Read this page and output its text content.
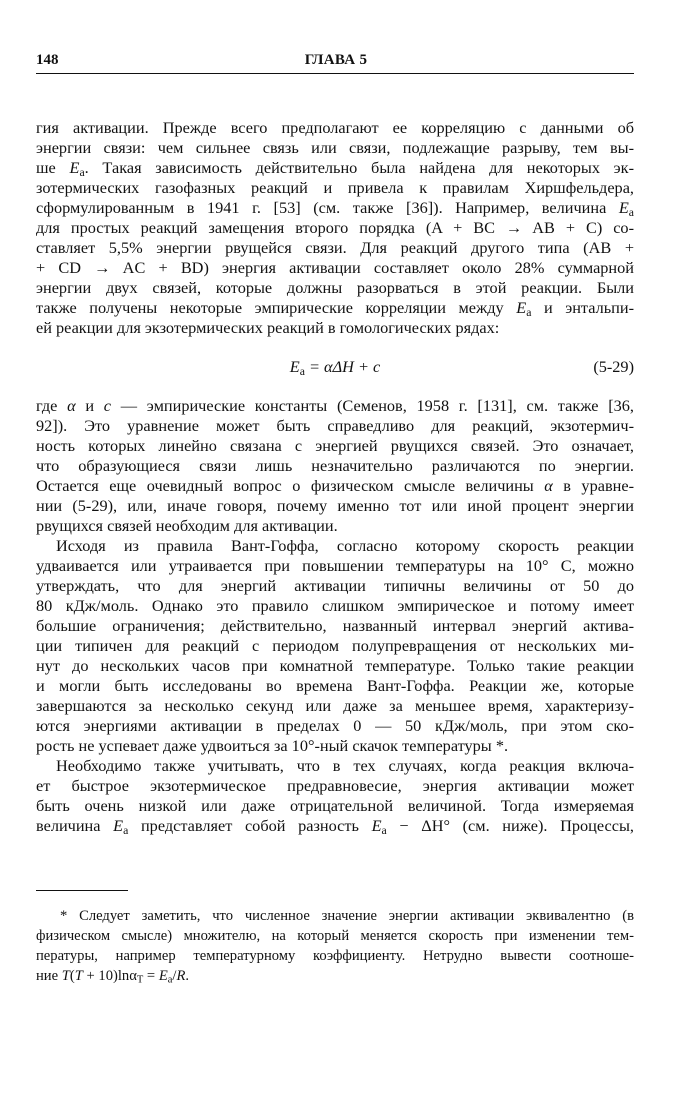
148	ГЛАВА 5
гия активации. Прежде всего предполагают ее корреляцию с данными об
энергии связи: чем сильнее связь или связи, подлежащие разрыву, тем вы-
ше $E_а$. Такая зависимость действительно была найдена для некоторых эк-
зотермических газофазных реакций и привела к правилам Хиршфельдера,
сформулированным в 1941 г. [53] (см. также [36]). Например, величина $E_а$
для простых реакций замещения второго порядка (A + BC → AB + C) со-
ставляет 5,5% энергии рвущейся связи. Для реакций другого типа (AB +
+ CD → AC + BD) энергия активации составляет около 28% суммарной
энергии двух связей, которые должны разорваться в этой реакции. Были
также получены некоторые эмпирические корреляции между $E_а$ и энтальпи-
ей реакции для экзотермических реакций в гомологических рядах:
$E_а = \alpha\Delta H + c$	(5-29)
где α и c — эмпирические константы (Семенов, 1958 г. [131], см. также [36,
92]). Это уравнение может быть справедливо для реакций, экзотермич-
ность которых линейно связана с энергией рвущихся связей. Это означает,
что образующиеся связи лишь незначительно различаются по энергии.
Остается еще очевидный вопрос о физическом смысле величины α в уравне-
нии (5-29), или, иначе говоря, почему именно тот или иной процент энергии
рвущихся связей необходим для активации.
Исходя из правила Вант-Гоффа, согласно которому скорость реакции
удваивается или утраивается при повышении температуры на 10° C, можно
утверждать, что для энергий активации типичны величины от 50 до
80 кДж/моль. Однако это правило слишком эмпирическое и потому имеет
большие ограничения; действительно, названный интервал энергий актива-
ции типичен для реакций с периодом полупревращения от нескольких ми-
нут до нескольких часов при комнатной температуре. Только такие реакции
и могли быть исследованы во времена Вант-Гоффа. Реакции же, которые
завершаются за несколько секунд или даже за меньшее время, характеризу-
ются энергиями активации в пределах 0 — 50 кДж/моль, при этом ско-
рость не успевает даже удвоиться за 10°-ный скачок температуры *.
Необходимо также учитывать, что в тех случаях, когда реакция включа-
ет быстрое экзотермическое предравновесие, энергия активации может
быть очень низкой или даже отрицательной величиной. Тогда измеряемая
величина $E_а$ представляет собой разность $E_а - \Delta H^\circ$ (см. ниже). Процессы,
* Следует заметить, что численное значение энергии активации эквивалентно (в
физическом смысле) множителю, на который меняется скорость при изменении тем-
пературы, например температурному коэффициенту. Нетрудно вывести соотноше-
ние $T(T + 10)\ln\alpha_T = E_а/R$.
